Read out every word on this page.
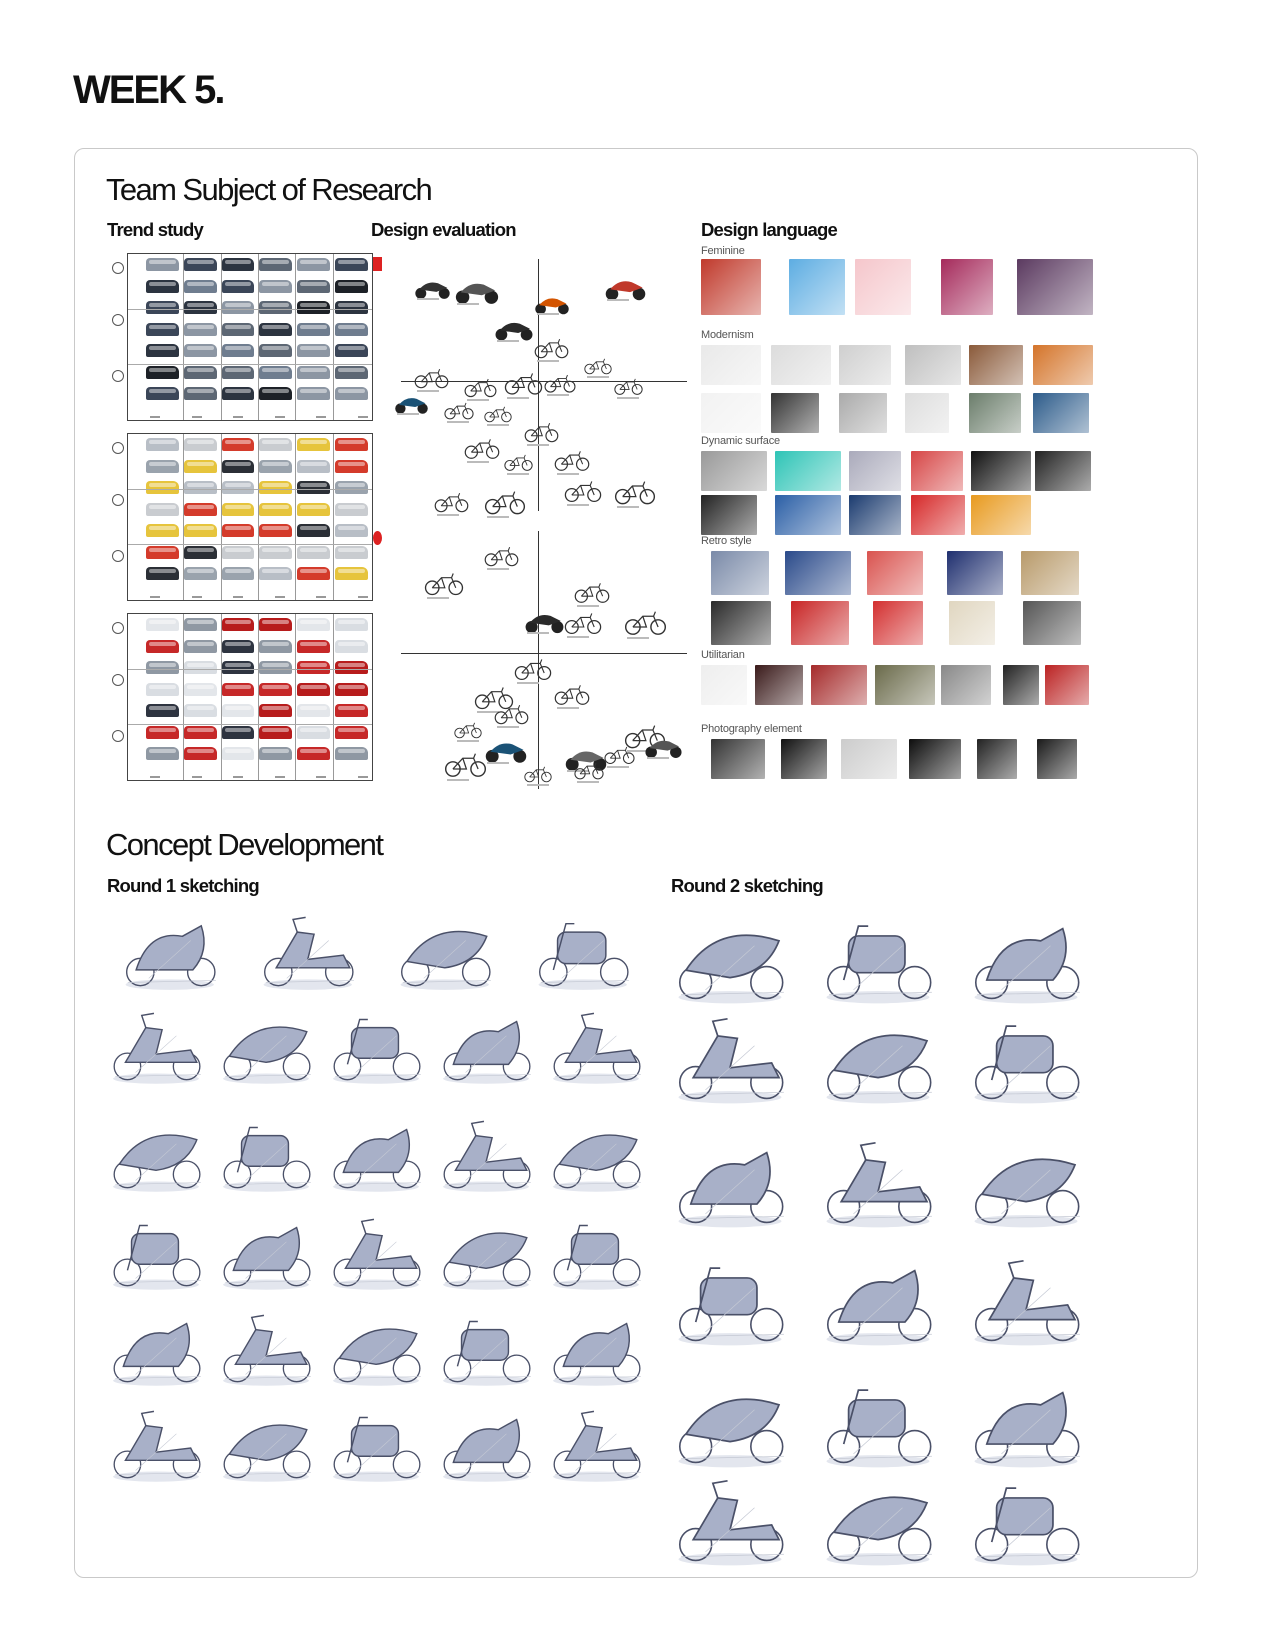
WEEK 5.
Team Subject of Research
Trend study	Design evaluation	Design language
Feminine
Modernism
Dynamic surface
Retro style
Utilitarian
Photography element
Concept Development
Round 1 sketching	Round 2 sketching
